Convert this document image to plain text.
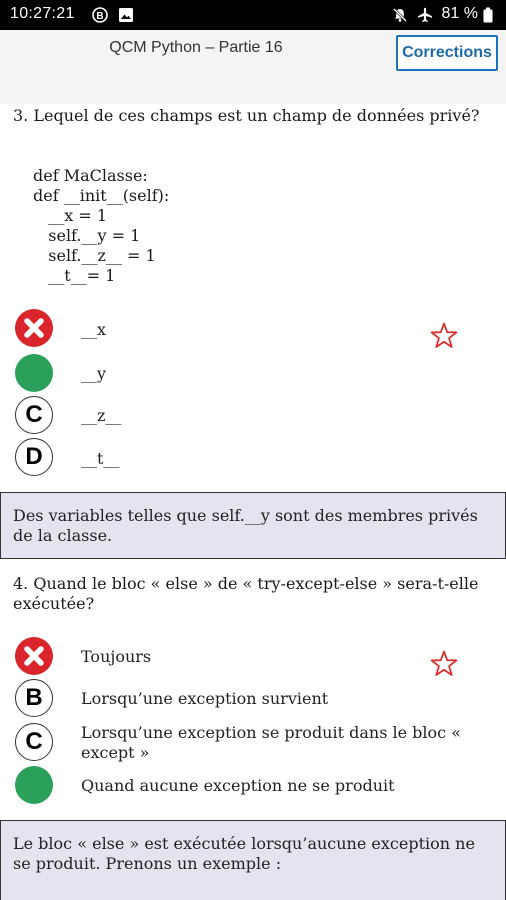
10:27:21 B	81 %
QCM Python – Partie 16	Corrections
3. Lequel de ces champs est un champ de données privé?
def MaClasse:
def __init__(self):
__x = 1
self.__y = 1
self.__z__ = 1
__t__= 1
__x
__y
C	__z__
D	__t__
Des variables telles que self.__y sont des membres privés de la classe.
4. Quand le bloc « else » de « try-except-else » sera-t-elle exécutée?
Toujours
B	Lorsqu’une exception survient
C	Lorsqu’une exception se produit dans le bloc « except »
Quand aucune exception ne se produit
Le bloc « else » est exécutée lorsqu’aucune exception ne se produit. Prenons un exemple :
